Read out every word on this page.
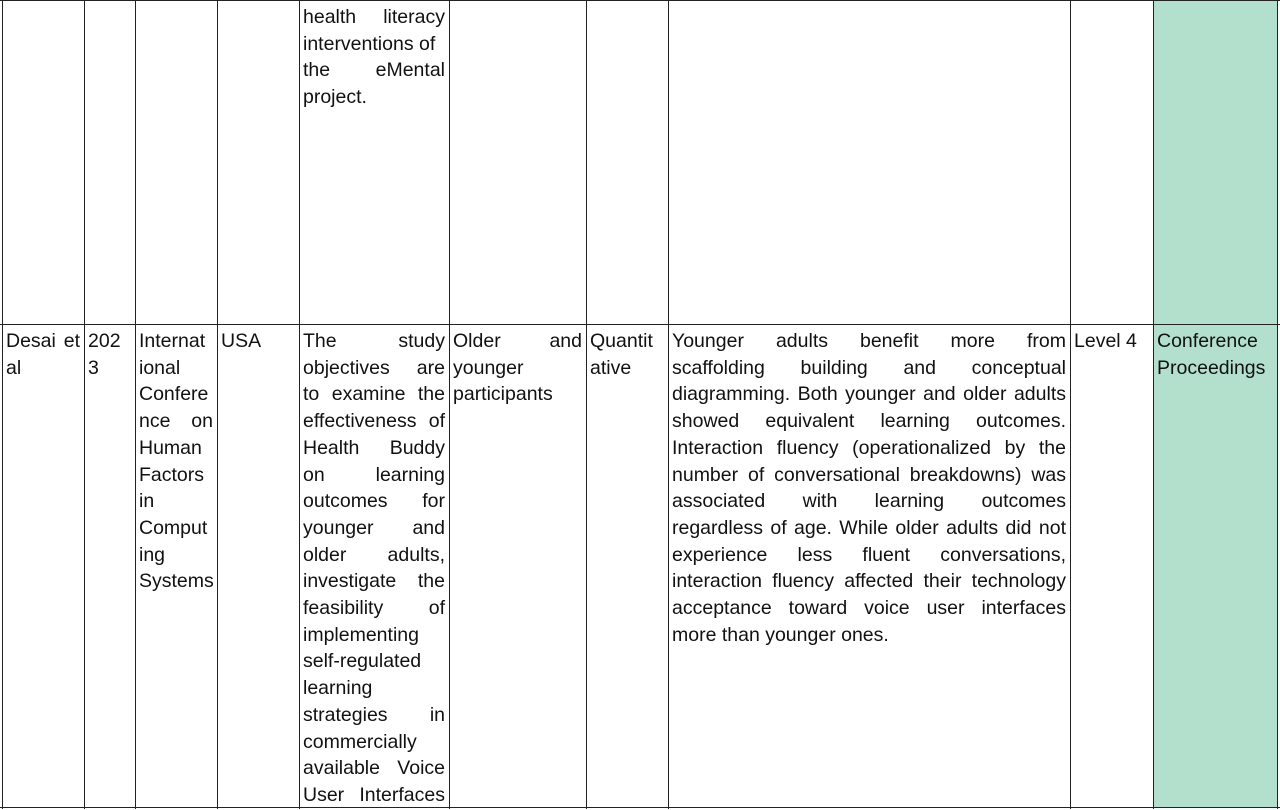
health literacy
interventions of
the eMental
project.
Desai et
al
202
3
Internat
ional
Confere
nce on
Human
Factors
in
Comput
ing
Systems
USA	The study
objectives are
to examine the
effectiveness of
Health Buddy
on learning
outcomes for
younger and
older adults,
investigate the
feasibility of
implementing
self-regulated
learning
strategies in
commercially
available Voice
User Interfaces
Older and
younger
participants
Quantit
ative
Younger adults benefit more from
scaffolding building and conceptual
diagramming. Both younger and older adults
showed equivalent learning outcomes.
Interaction fluency (operationalized by the
number of conversational breakdowns) was
associated with learning outcomes
regardless of age. While older adults did not
experience less fluent conversations,
interaction fluency affected their technology
acceptance toward voice user interfaces
more than younger ones.
Level 4	Conference
Proceedings
